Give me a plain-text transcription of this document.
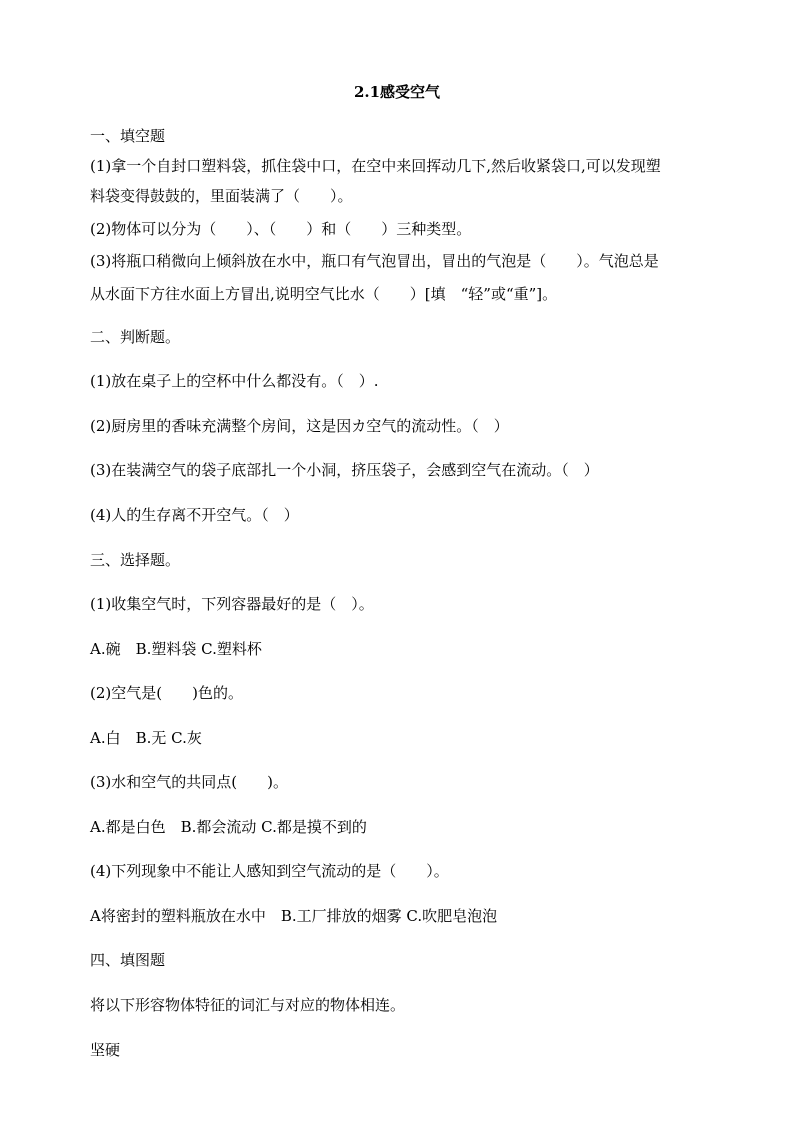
2.1感受空气
一、填空题
(1)拿一个自封口塑料袋，抓住袋中口，在空中来回挥动几下,然后收紧袋口,可以发现塑
料袋变得鼓鼓的，里面装满了（　　）。
(2)物体可以分为（　　）、（　　）和（　　）三种类型。
(3)将瓶口稍微向上倾斜放在水中，瓶口有气泡冒出，冒出的气泡是（　　）。气泡总是
从水面下方往水面上方冒出,说明空气比水（　　）[填　“轻”或“重”]。
二、判断题。
(1)放在桌子上的空杯中什么都没有。（　）.
(2)厨房里的香味充满整个房间，这是因カ空气的流动性。（　）
(3)在装满空气的袋子底部扎一个小洞，挤压袋子，会感到空气在流动。（　）
(4)人的生存离不开空气。（　）
三、选择题。
(1)收集空气时，下列容器最好的是（　）。
A.碗　B.塑料袋 C.塑料杯
(2)空气是(　　)色的。
A.白　B.无 C.灰
(3)水和空气的共同点(　　)。
A.都是白色　B.都会流动 C.都是摸不到的
(4)下列现象中不能让人感知到空气流动的是（　　）。
A将密封的塑料瓶放在水中　B.工厂排放的烟雾 C.吹肥皂泡泡
四、填图题
将以下形容物体特征的词汇与对应的物体相连。
坚硬
